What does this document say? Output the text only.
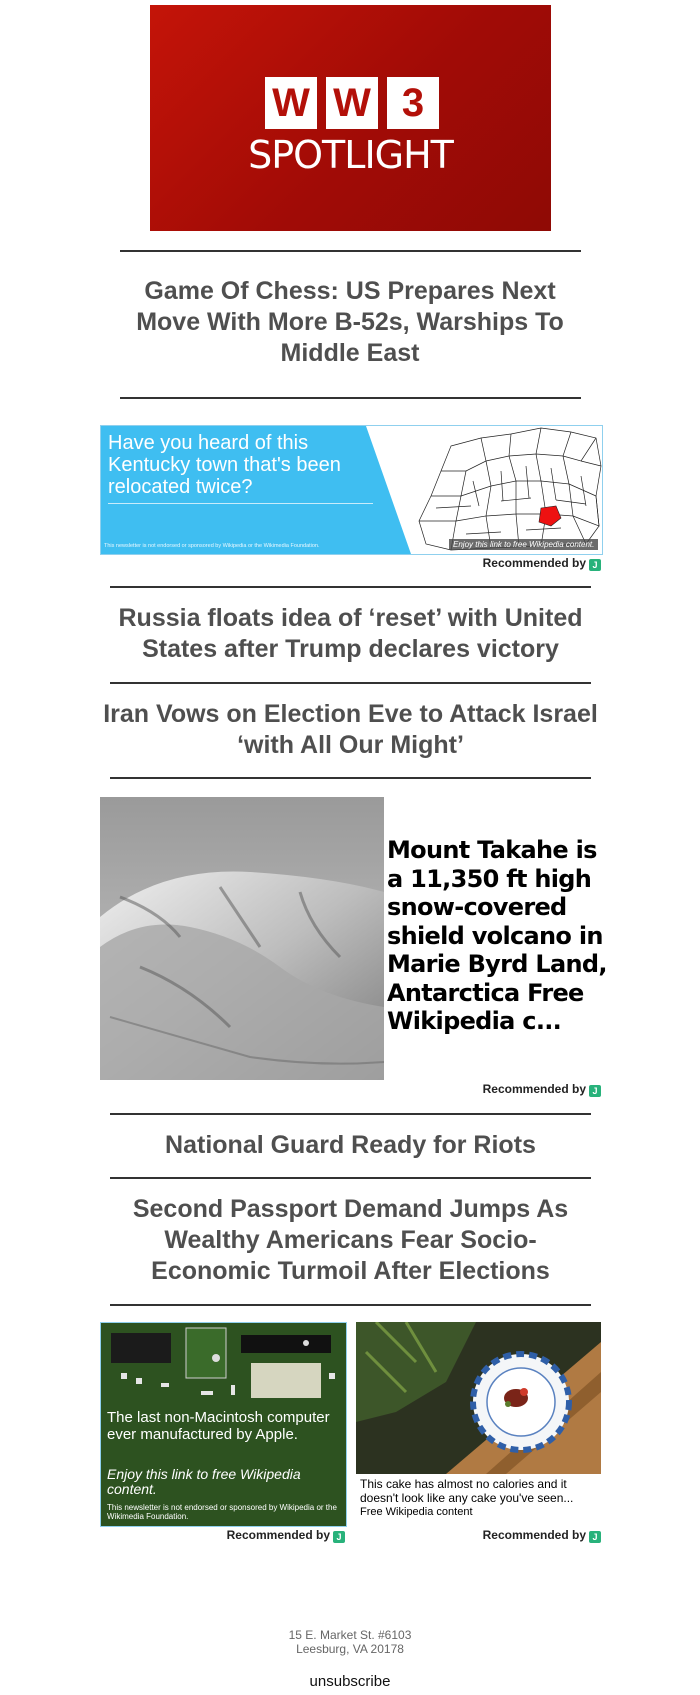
W W 3
SPOTLIGHT
Game Of Chess: US Prepares Next Move With More B-52s, Warships To Middle East
Have you heard of this Kentucky town that's been relocated twice?
This newsletter is not endorsed or sponsored by Wikipedia or the Wikimedia Foundation.	Enjoy this link to free Wikipedia content.
Recommended by J
Russia floats idea of ‘reset’ with United States after Trump declares victory
Iran Vows on Election Eve to Attack Israel ‘with All Our Might’
Mount Takahe is a 11,350 ft high snow-covered shield volcano in Marie Byrd Land, Antarctica Free Wikipedia c...
Recommended by J
National Guard Ready for Riots
Second Passport Demand Jumps As Wealthy Americans Fear Socio-Economic Turmoil After Elections
The last non-Macintosh computer ever manufactured by Apple.
Enjoy this link to free Wikipedia content.
This newsletter is not endorsed or sponsored by Wikipedia or the Wikimedia Foundation.
Recommended by J
This cake has almost no calories and it doesn't look like any cake you've seen...
Free Wikipedia content
Recommended by J
15 E. Market St. #6103
Leesburg, VA 20178
unsubscribe
